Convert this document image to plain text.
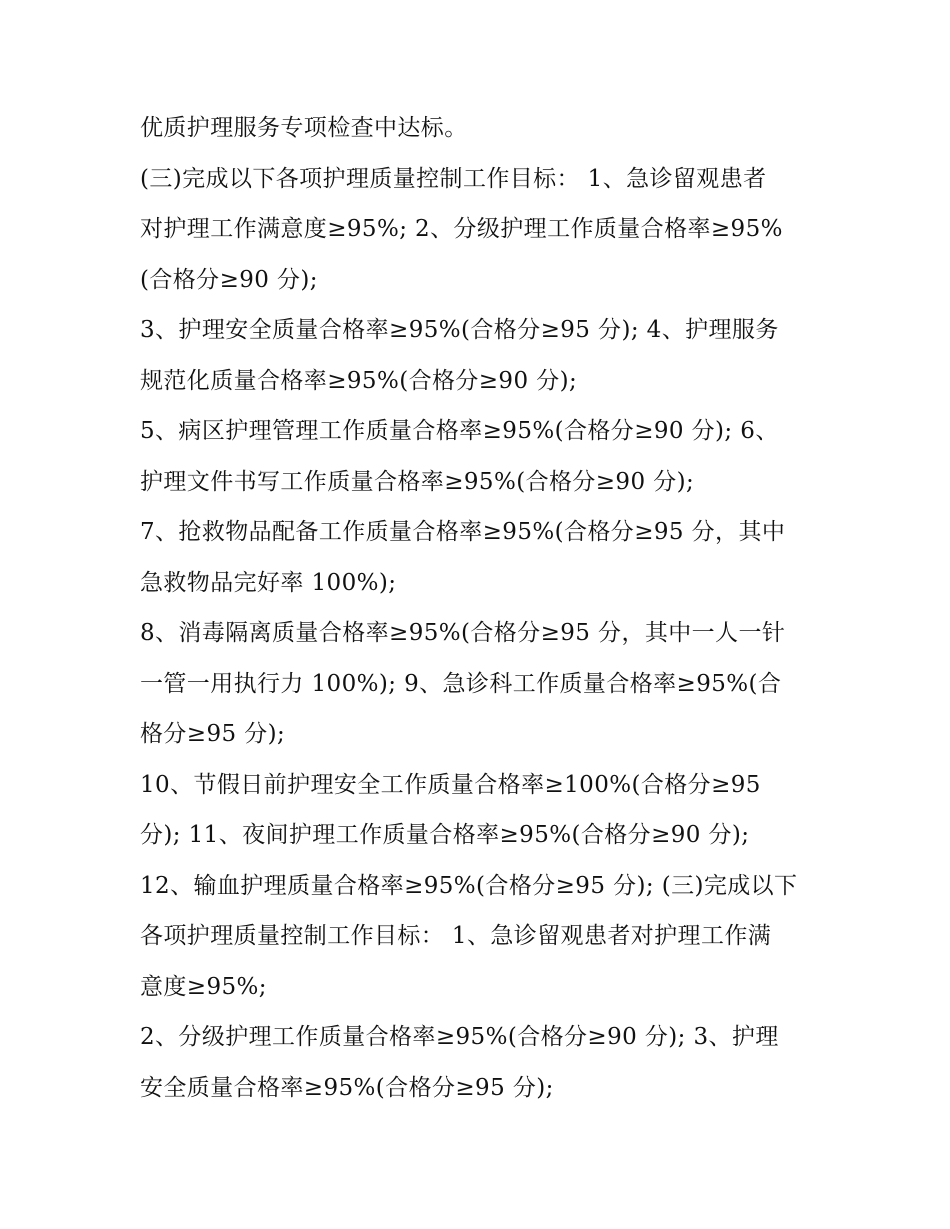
优质护理服务专项检查中达标。
(三)完成以下各项护理质量控制工作目标： 1、急诊留观患者
对护理工作满意度≥95%; 2、分级护理工作质量合格率≥95%
(合格分≥90 分);
3、护理安全质量合格率≥95%(合格分≥95 分); 4、护理服务
规范化质量合格率≥95%(合格分≥90 分);
5、病区护理管理工作质量合格率≥95%(合格分≥90 分); 6、
护理文件书写工作质量合格率≥95%(合格分≥90 分);
7、抢救物品配备工作质量合格率≥95%(合格分≥95 分，其中
急救物品完好率 100%);
8、消毒隔离质量合格率≥95%(合格分≥95 分，其中一人一针
一管一用执行力 100%); 9、急诊科工作质量合格率≥95%(合
格分≥95 分);
10、节假日前护理安全工作质量合格率≥100%(合格分≥95
分); 11、夜间护理工作质量合格率≥95%(合格分≥90 分);
12、输血护理质量合格率≥95%(合格分≥95 分); (三)完成以下
各项护理质量控制工作目标： 1、急诊留观患者对护理工作满
意度≥95%;
2、分级护理工作质量合格率≥95%(合格分≥90 分); 3、护理
安全质量合格率≥95%(合格分≥95 分);
